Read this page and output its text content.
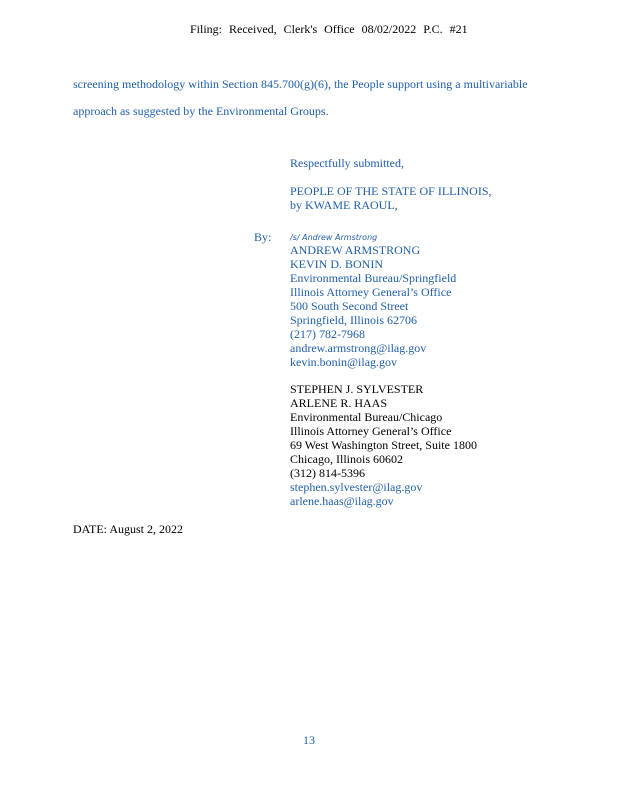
Filing: Received, Clerk's Office 08/02/2022 P.C. #21
screening methodology within Section 845.700(g)(6), the People support using a multivariable
approach as suggested by the Environmental Groups.
Respectfully submitted,
PEOPLE OF THE STATE OF ILLINOIS,
by KWAME RAOUL,
By: /s/ Andrew Armstrong
ANDREW ARMSTRONG
KEVIN D. BONIN
Environmental Bureau/Springfield
Illinois Attorney General’s Office
500 South Second Street
Springfield, Illinois 62706
(217) 782-7968
andrew.armstrong@ilag.gov
kevin.bonin@ilag.gov
STEPHEN J. SYLVESTER
ARLENE R. HAAS
Environmental Bureau/Chicago
Illinois Attorney General’s Office
69 West Washington Street, Suite 1800
Chicago, Illinois 60602
(312) 814-5396
stephen.sylvester@ilag.gov
arlene.haas@ilag.gov
DATE: August 2, 2022
13
